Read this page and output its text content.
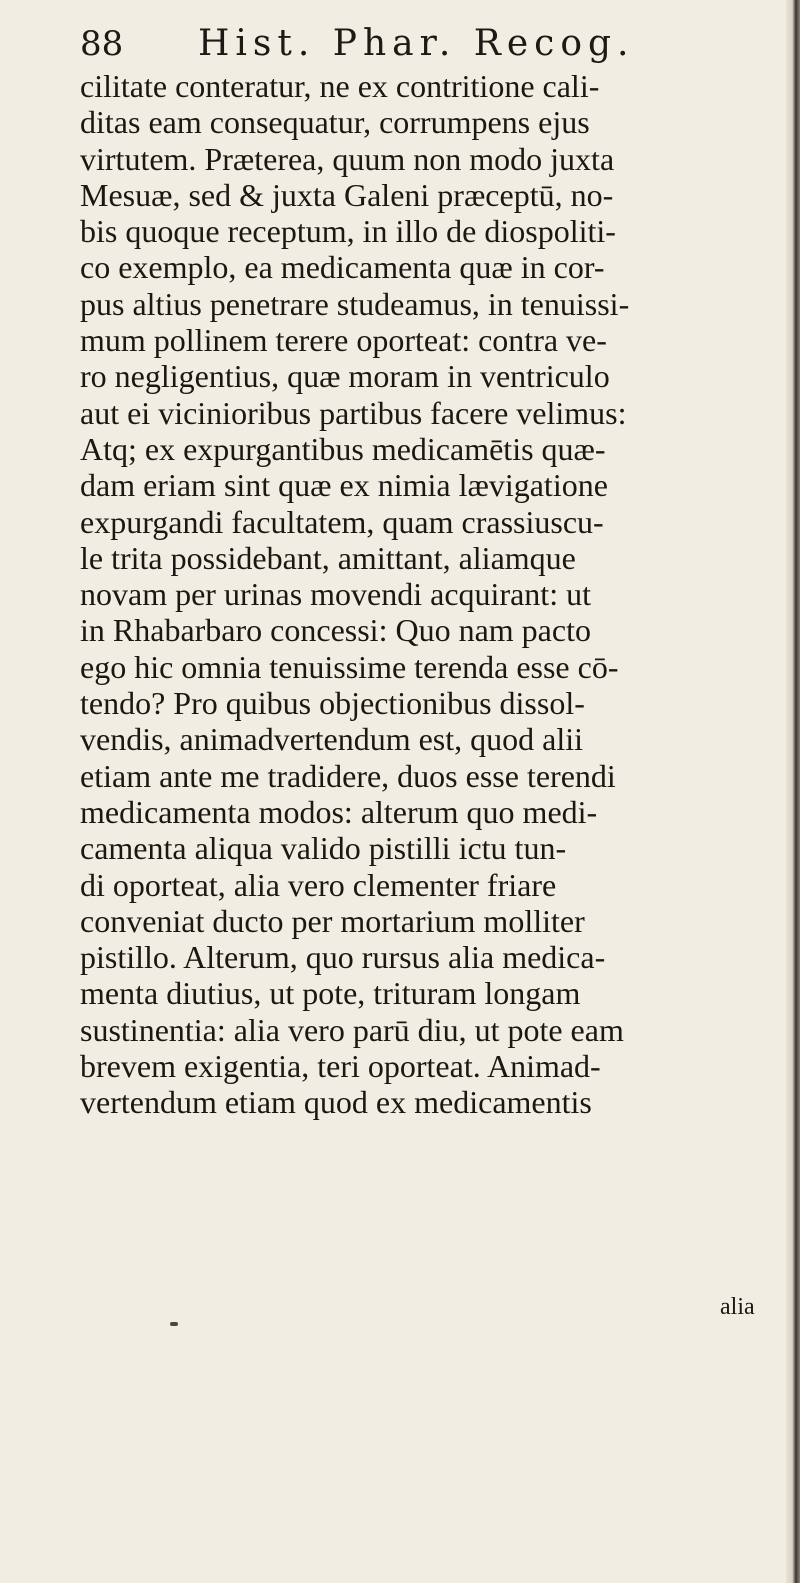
88 Hist. Phar. Recog.
cilitate conteratur, ne ex contritione cali-
ditas eam consequatur, corrumpens ejus
virtutem. Præterea, quum non modo juxta
Mesuæ, sed & juxta Galeni præceptū, no-
bis quoque receptum, in illo de diospoliti-
co exemplo, ea medicamenta quæ in cor-
pus altius penetrare studeamus, in tenuissi-
mum pollinem terere oporteat: contra ve-
ro negligentius, quæ moram in ventriculo
aut ei vicinioribus partibus facere velimus:
Atq; ex expurgantibus medicamētis quæ-
dam eriam sint quæ ex nimia lævigatione
expurgandi facultatem, quam crassiuscu-
le trita possidebant, amittant, aliamque
novam per urinas movendi acquirant: ut
in Rhabarbaro concessi: Quo nam pacto
ego hic omnia tenuissime terenda esse cō-
tendo? Pro quibus objectionibus dissol-
vendis, animadvertendum est, quod alii
etiam ante me tradidere, duos esse terendi
medicamenta modos: alterum quo medi-
camenta aliqua valido pistilli ictu tun-
di oporteat, alia vero clementer friare
conveniat ducto per mortarium molliter
pistillo. Alterum, quo rursus alia medica-
menta diutius, ut pote, trituram longam
sustinentia: alia vero parū diu, ut pote eam
brevem exigentia, teri oporteat. Animad-
vertendum etiam quod ex medicamentis
alia
